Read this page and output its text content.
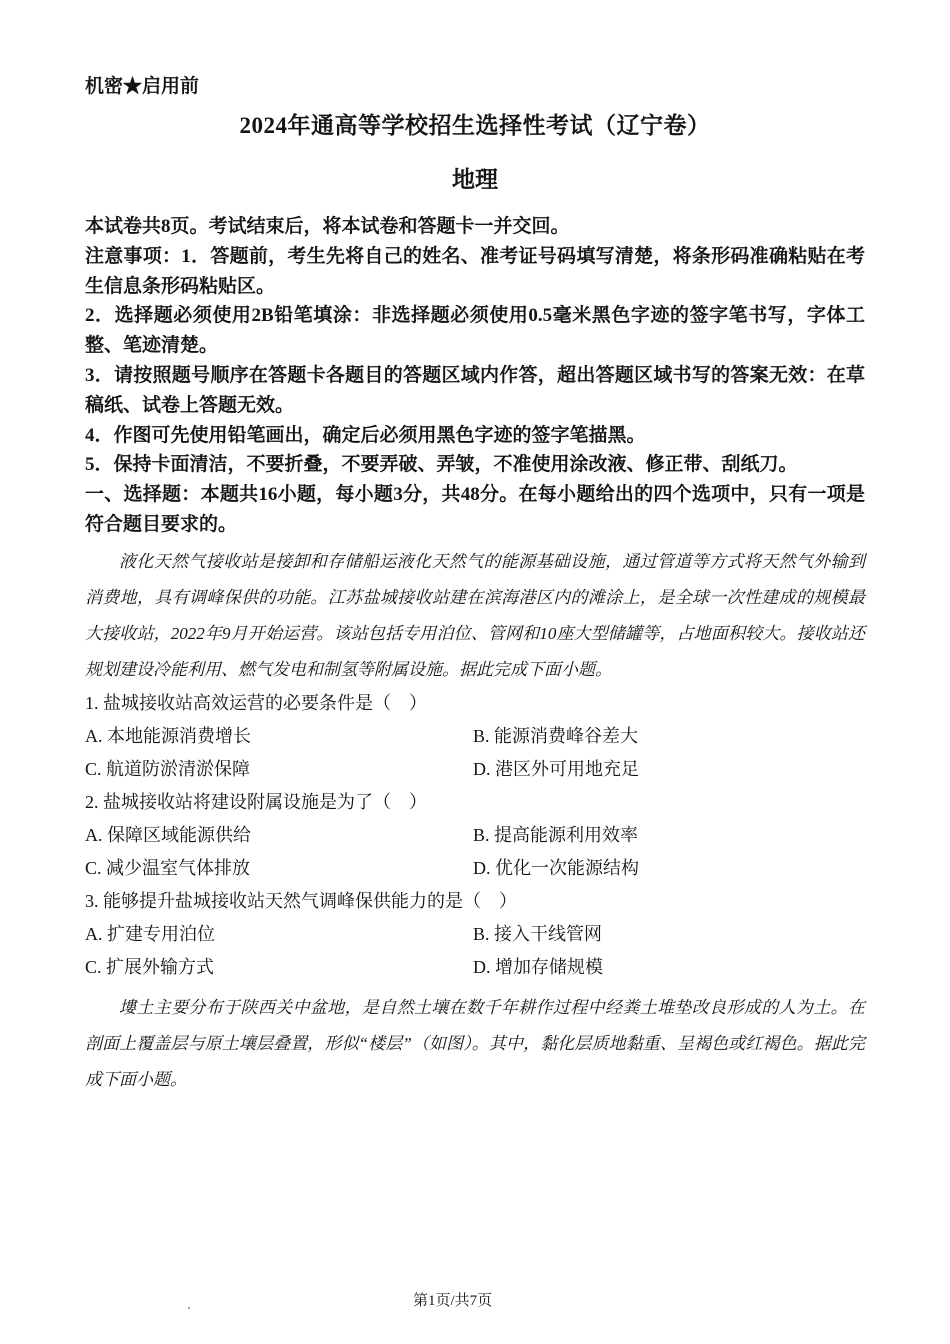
机密★启用前
2024年通高等学校招生选择性考试（辽宁卷）
地理

本试卷共8页。考试结束后，将本试卷和答题卡一并交回。

注意事项：1．答题前，考生先将自己的姓名、准考证号码填写清楚，将条形码准确粘贴在考生信息条形码粘贴区。

2．选择题必须使用2B铅笔填涂：非选择题必须使用0.5毫米黑色字迹的签字笔书写，字体工整、笔迹清楚。

3．请按照题号顺序在答题卡各题目的答题区域内作答，超出答题区域书写的答案无效：在草稿纸、试卷上答题无效。

4．作图可先使用铅笔画出，确定后必须用黑色字迹的签字笔描黑。

5．保持卡面清洁，不要折叠，不要弄破、弄皱，不准使用涂改液、修正带、刮纸刀。

一、选择题：本题共16小题，每小题3分，共48分。在每小题给出的四个选项中，只有一项是符合题目要求的。

液化天然气接收站是接卸和存储船运液化天然气的能源基础设施，通过管道等方式将天然气外输到消费地，具有调峰保供的功能。江苏盐城接收站建在滨海港区内的滩涂上，是全球一次性建成的规模最大接收站，2022年9月开始运营。该站包括专用泊位、管网和10座大型储罐等，占地面积较大。接收站还规划建设冷能利用、燃气发电和制氢等附属设施。据此完成下面小题。

1. 盐城接收站高效运营的必要条件是（　）

A. 本地能源消费增长	B. 能源消费峰谷差大
C. 航道防淤清淤保障	D. 港区外可用地充足

2. 盐城接收站将建设附属设施是为了（　）

A. 保障区域能源供给	B. 提高能源利用效率
C. 减少温室气体排放	D. 优化一次能源结构

3. 能够提升盐城接收站天然气调峰保供能力的是（　）

A. 扩建专用泊位	B. 接入干线管网
C. 扩展外输方式	D. 增加存储规模

塿土主要分布于陕西关中盆地，是自然土壤在数千年耕作过程中经粪土堆垫改良形成的人为土。在剖面上覆盖层与原土壤层叠置，形似“楼层”（如图）。其中，黏化层质地黏重、呈褐色或红褐色。据此完成下面小题。

第1页/共7页
